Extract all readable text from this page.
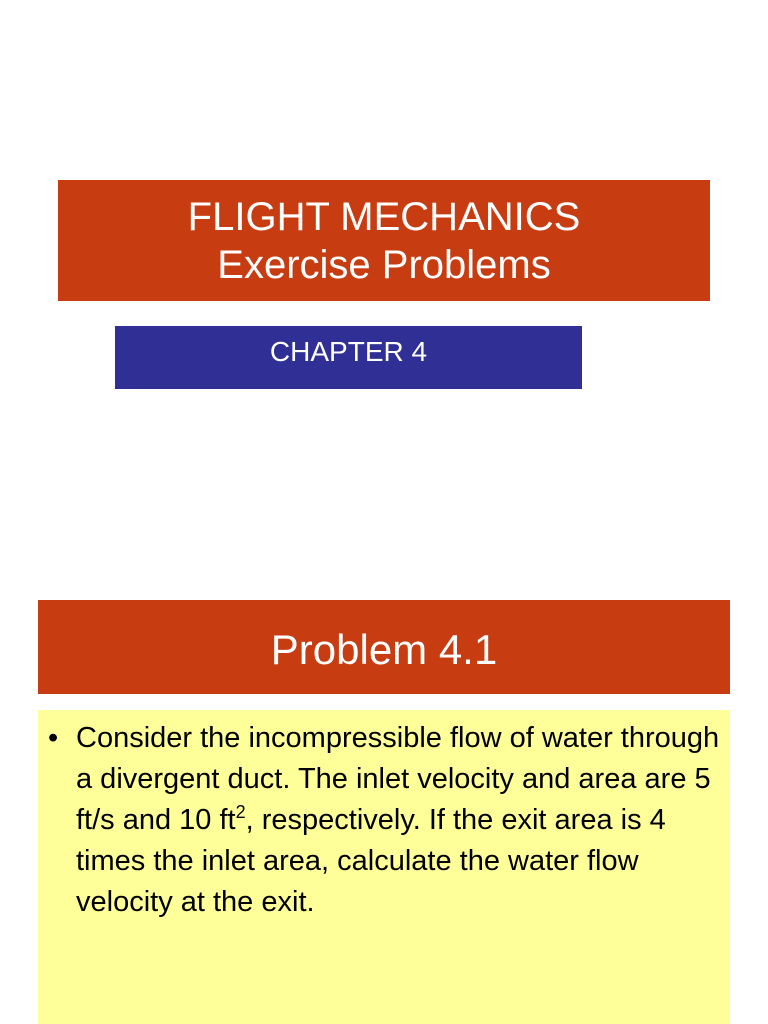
FLIGHT MECHANICS
Exercise Problems
CHAPTER 4
Problem 4.1
• Consider the incompressible flow of water through a divergent duct. The inlet velocity and area are 5 ft/s and 10 $ft^2$, respectively. If the exit area is 4 times the inlet area, calculate the water flow velocity at the exit.
